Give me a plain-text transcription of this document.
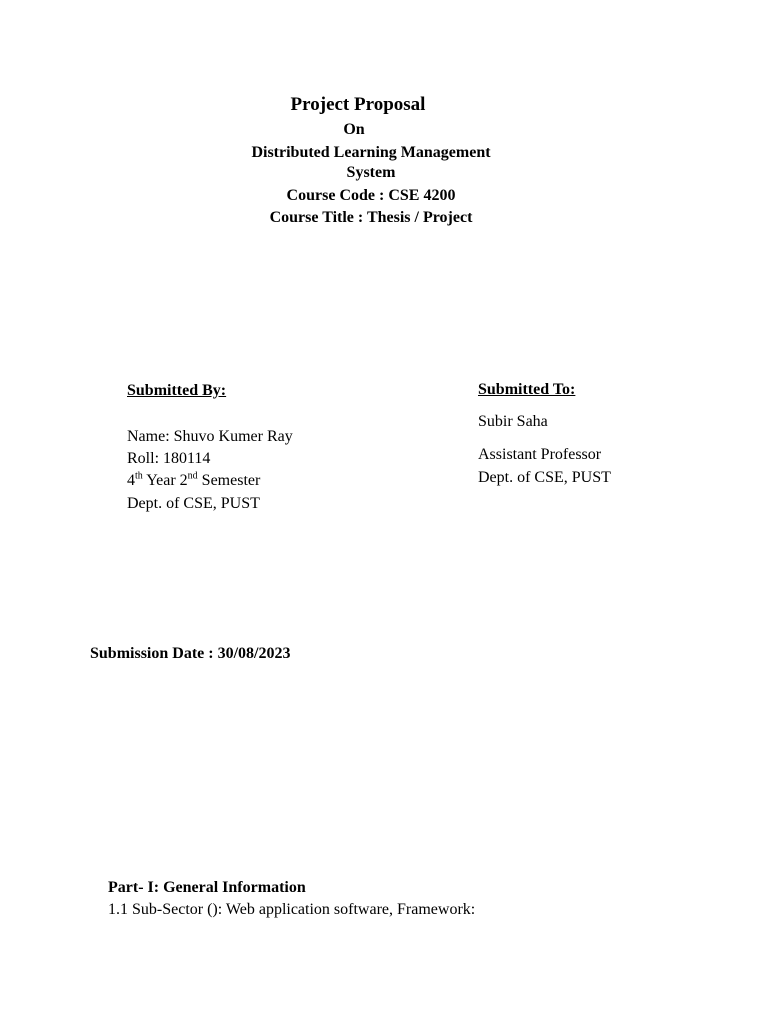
Project Proposal
On
Distributed Learning Management
System
Course Code : CSE 4200
Course Title : Thesis / Project
Submitted By:
Name: Shuvo Kumer Ray
Roll: 180114
4th Year 2nd Semester
Dept. of CSE, PUST
Submitted To:
Subir Saha
Assistant Professor
Dept. of CSE, PUST
Submission Date : 30/08/2023
Part- I: General Information
1.1 Sub-Sector (): Web application software, Framework:
